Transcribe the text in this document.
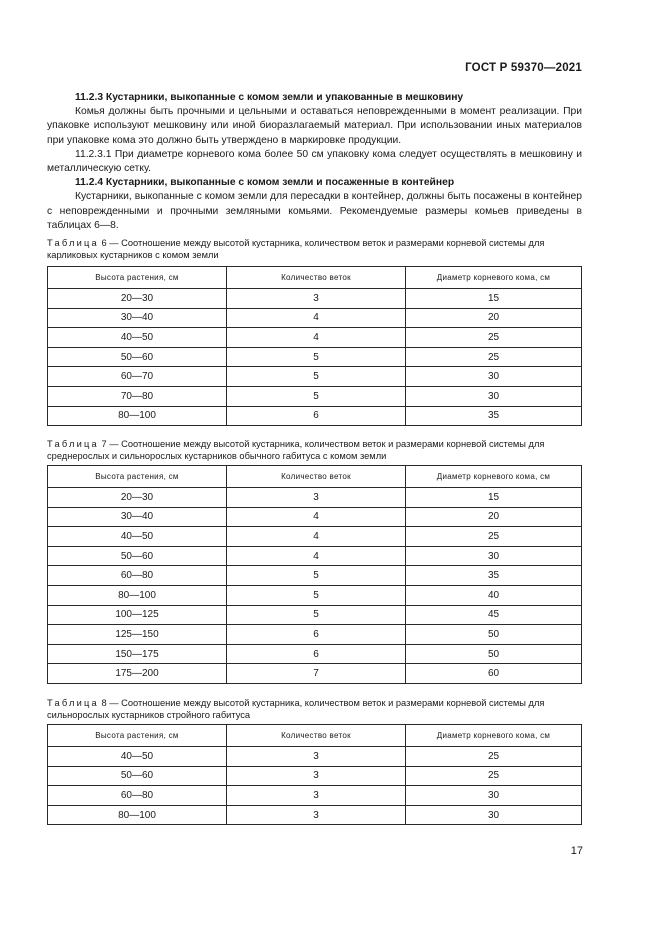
ГОСТ Р 59370—2021

11.2.3 Кустарники, выкопанные с комом земли и упакованные в мешковину

Комья должны быть прочными и цельными и оставаться неповрежденными в момент реализации. При упаковке используют мешковину или иной биоразлагаемый материал. При использовании иных материалов при упаковке кома это должно быть утверждено в маркировке продукции.

11.2.3.1 При диаметре корневого кома более 50 см упаковку кома следует осуществлять в мешковину и металлическую сетку.

11.2.4 Кустарники, выкопанные с комом земли и посаженные в контейнер

Кустарники, выкопанные с комом земли для пересадки в контейнер, должны быть посажены в контейнер с неповрежденными и прочными земляными комьями. Рекомендуемые размеры комьев приведены в таблицах 6—8.

Таблица 6 — Соотношение между высотой кустарника, количеством веток и размерами корневой системы для карликовых кустарников с комом земли
Высота растения, см	Количество веток	Диаметр корневого кома, см
20—30	3	15
30—40	4	20
40—50	4	25
50—60	5	25
60—70	5	30
70—80	5	30
80—100	6	35
Таблица 7 — Соотношение между высотой кустарника, количеством веток и размерами корневой системы для среднерослых и сильнорослых кустарников обычного габитуса с комом земли
Высота растения, см	Количество веток	Диаметр корневого кома, см
20—30	3	15
30—40	4	20
40—50	4	25
50—60	4	30
60—80	5	35
80—100	5	40
100—125	5	45
125—150	6	50
150—175	6	50
175—200	7	60
Таблица 8 — Соотношение между высотой кустарника, количеством веток и размерами корневой системы для сильнорослых кустарников стройного габитуса
Высота растения, см	Количество веток	Диаметр корневого кома, см
40—50	3	25
50—60	3	25
60—80	3	30
80—100	3	30
17
